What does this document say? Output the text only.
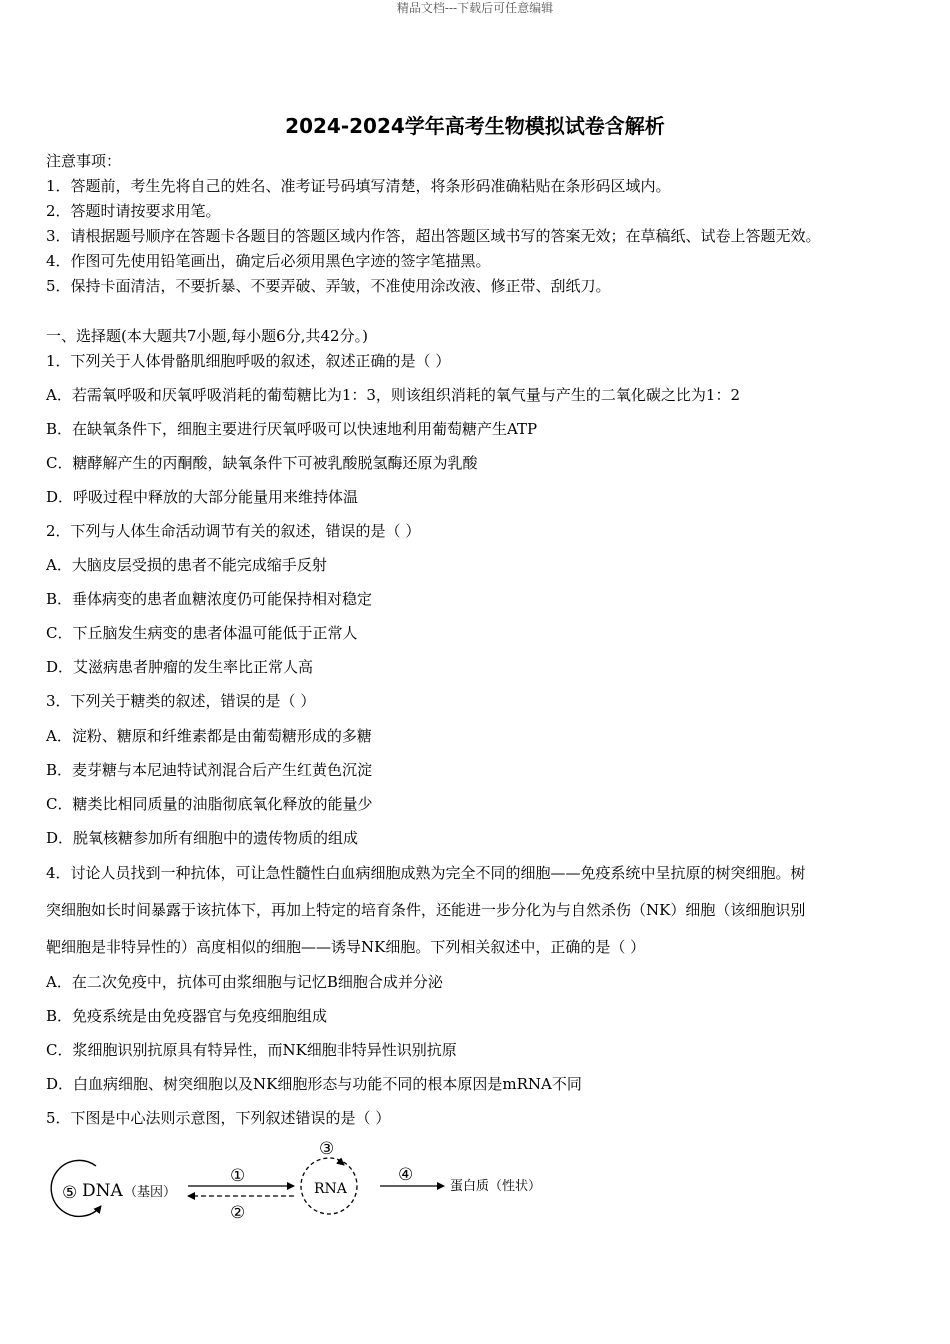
精品文档---下载后可任意编辑
2024-2024学年高考生物模拟试卷含解析
注意事项：
1．答题前，考生先将自己的姓名、准考证号码填写清楚，将条形码准确粘贴在条形码区域内。
2．答题时请按要求用笔。
3．请根据题号顺序在答题卡各题目的答题区域内作答，超出答题区域书写的答案无效；在草稿纸、试卷上答题无效。
4．作图可先使用铅笔画出，确定后必须用黑色字迹的签字笔描黑。
5．保持卡面清洁，不要折暴、不要弄破、弄皱，不准使用涂改液、修正带、刮纸刀。
一、选择题(本大题共7小题,每小题6分,共42分。)
1．下列关于人体骨骼肌细胞呼吸的叙述，叙述正确的是（ ）
A．若需氧呼吸和厌氧呼吸消耗的葡萄糖比为1：3，则该组织消耗的氧气量与产生的二氧化碳之比为1：2
B．在缺氧条件下，细胞主要进行厌氧呼吸可以快速地利用葡萄糖产生ATP
C．糖酵解产生的丙酮酸，缺氧条件下可被乳酸脱氢酶还原为乳酸
D．呼吸过程中释放的大部分能量用来维持体温
2．下列与人体生命活动调节有关的叙述，错误的是（ ）
A．大脑皮层受损的患者不能完成缩手反射
B．垂体病变的患者血糖浓度仍可能保持相对稳定
C．下丘脑发生病变的患者体温可能低于正常人
D．艾滋病患者肿瘤的发生率比正常人高
3．下列关于糖类的叙述，错误的是（ ）
A．淀粉、糖原和纤维素都是由葡萄糖形成的多糖
B．麦芽糖与本尼迪特试剂混合后产生红黄色沉淀
C．糖类比相同质量的油脂彻底氧化释放的能量少
D．脱氧核糖参加所有细胞中的遗传物质的组成
4．讨论人员找到一种抗体，可让急性髓性白血病细胞成熟为完全不同的细胞——免疫系统中呈抗原的树突细胞。树
突细胞如长时间暴露于该抗体下，再加上特定的培育条件，还能进一步分化为与自然杀伤（NK）细胞（该细胞识别
靶细胞是非特异性的）高度相似的细胞——诱导NK细胞。下列相关叙述中，正确的是（ ）
A．在二次免疫中，抗体可由浆细胞与记忆B细胞合成并分泌
B．免疫系统是由免疫器官与免疫细胞组成
C．浆细胞识别抗原具有特异性，而NK细胞非特异性识别抗原
D．白血病细胞、树突细胞以及NK细胞形态与功能不同的根本原因是mRNA不同
5．下图是中心法则示意图，下列叙述错误的是（ ）
⑤ DNA （基因）
①
②
③
RNA
④
蛋白质（性状）
